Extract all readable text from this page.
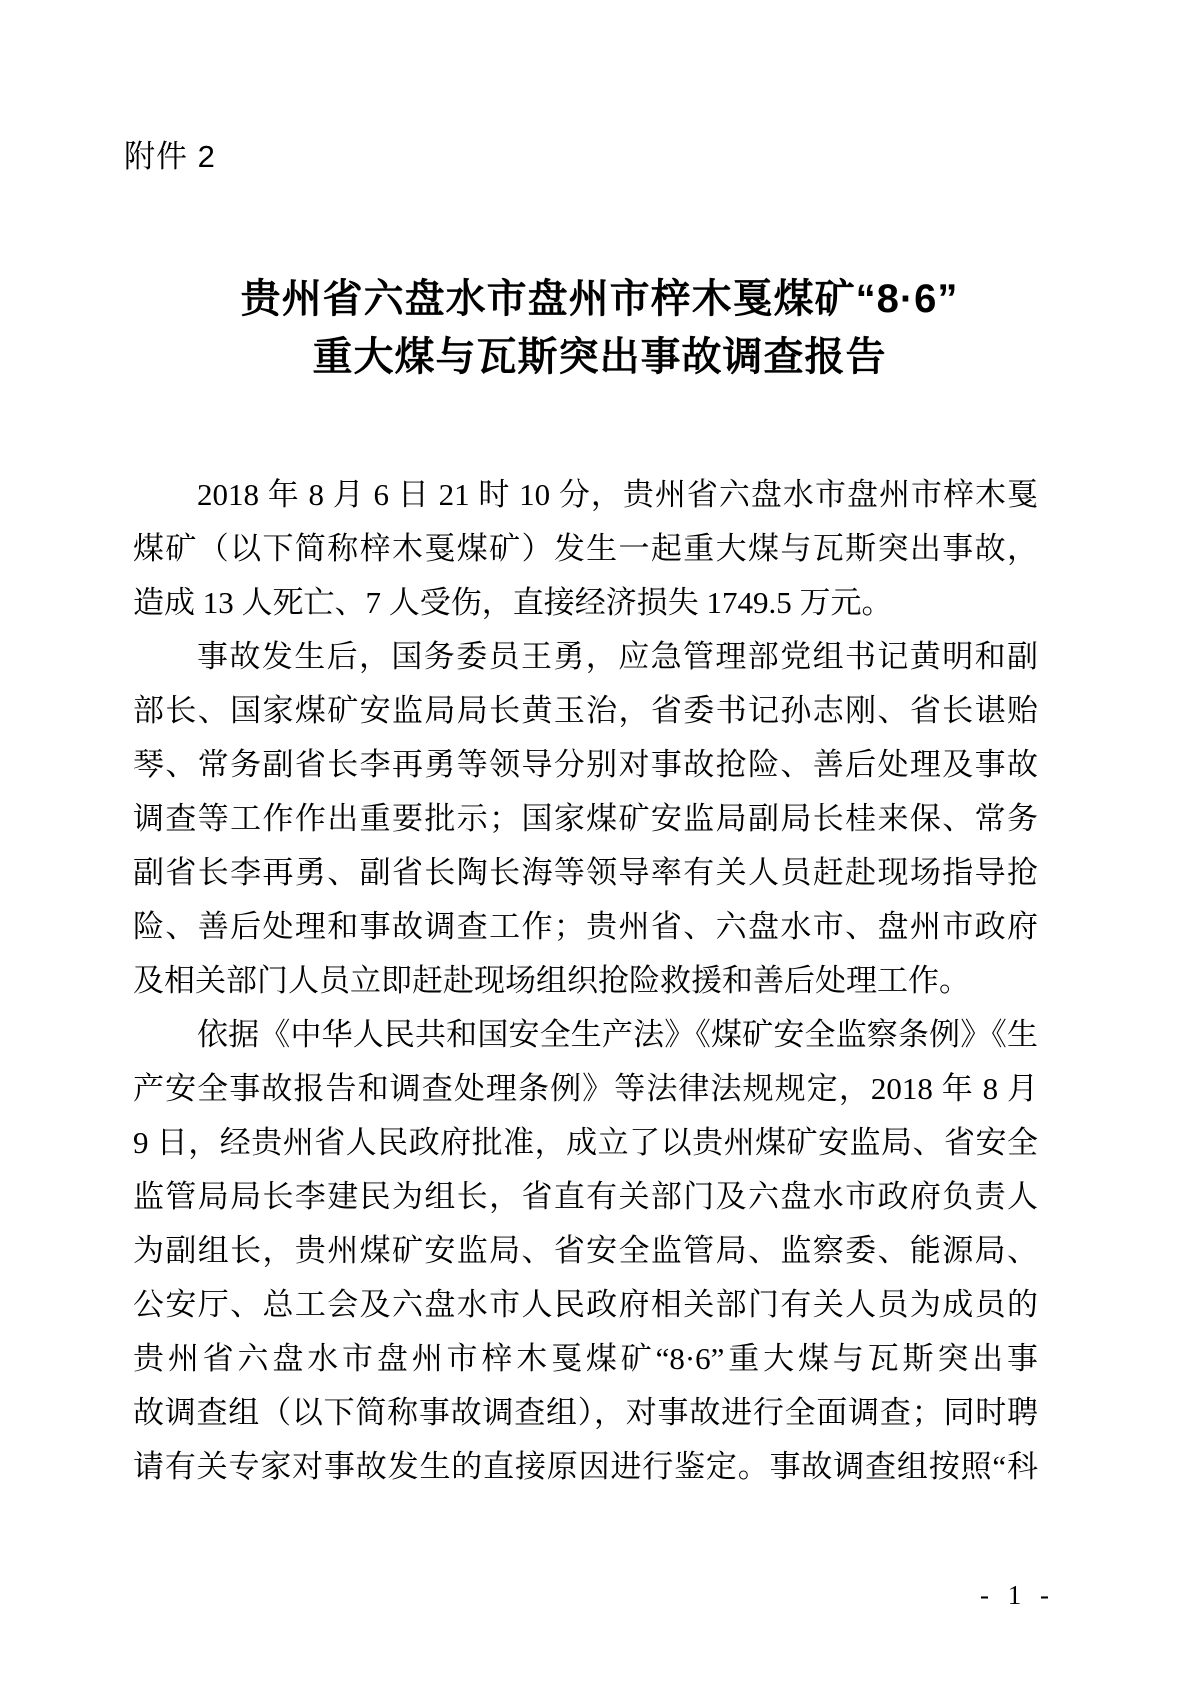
附件 2
贵州省六盘水市盘州市梓木戛煤矿“8·6”
重大煤与瓦斯突出事故调查报告
2018 年 8 月 6 日 21 时 10 分，贵州省六盘水市盘州市梓木戛
煤矿（以下简称梓木戛煤矿）发生一起重大煤与瓦斯突出事故，
造成 13 人死亡、7 人受伤，直接经济损失 1749.5 万元。
事故发生后，国务委员王勇，应急管理部党组书记黄明和副
部长、国家煤矿安监局局长黄玉治，省委书记孙志刚、省长谌贻
琴、常务副省长李再勇等领导分别对事故抢险、善后处理及事故
调查等工作作出重要批示；国家煤矿安监局副局长桂来保、常务
副省长李再勇、副省长陶长海等领导率有关人员赶赴现场指导抢
险、善后处理和事故调查工作；贵州省、六盘水市、盘州市政府
及相关部门人员立即赶赴现场组织抢险救援和善后处理工作。
依据《中华人民共和国安全生产法》《煤矿安全监察条例》《生
产安全事故报告和调查处理条例》等法律法规规定，2018 年 8 月
9 日，经贵州省人民政府批准，成立了以贵州煤矿安监局、省安全
监管局局长李建民为组长，省直有关部门及六盘水市政府负责人
为副组长，贵州煤矿安监局、省安全监管局、监察委、能源局、
公安厅、总工会及六盘水市人民政府相关部门有关人员为成员的
贵州省六盘水市盘州市梓木戛煤矿“8·6”重大煤与瓦斯突出事
故调查组（以下简称事故调查组），对事故进行全面调查；同时聘
请有关专家对事故发生的直接原因进行鉴定。事故调查组按照“科
- 1 -
